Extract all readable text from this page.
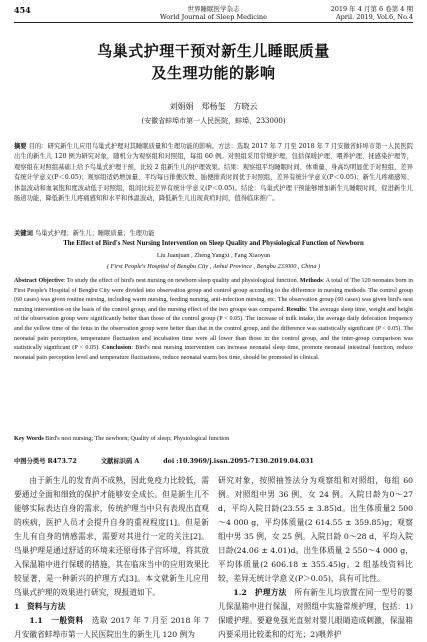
454	世界睡眠医学杂志
World Journal of Sleep Medicine
2019 年 4 月第 6 卷第 4 期
April. 2019, Vol.6, No.4
鸟巢式护理干预对新生儿睡眠质量
及生理功能的影响
刘娟娟　郑杨玺　方晓云
(安徽省蚌埠市第一人民医院，蚌埠，233000)
摘要 目的：研究新生儿应用鸟巢式护理对其睡眠质量和生理功能的影响。方法：选取 2017 年 7 月至 2018 年 7 月安徽省蚌埠市第一人民医院出生的新生儿 120 例为研究对象，随机分为观察组和对照组，每组 60 例。对照组采用常规护理，包括保暖护理、喂养护理、抚感染护理等，观察组在对照组基础上给予鸟巢式护理干预，比较 2 组新生儿的护理效果。结果：观察组平均睡眠时间、体重量、身高均明显优于对照组，差异有统计学意义(P＜0.05)；观察组适奶增加量、平均每日排便次数、胎便排黄时间优于对照组，差异有统计学意义(P＜0.05)；新生儿疼痛感知、体温波动和血氧饱和度波动低于对照组，组间比较差异有统计学意义(P＜0.05)。结论：鸟巢式护理干预能够增加新生儿睡眠时间，促进新生儿肠道功能，降低新生儿疼痛感知和水平和体温波动，降低新生儿出现黄疸时间，值得临床推广。
关键词 鸟巢式护理；新生儿；睡眠质量；生理功能
The Effect of Bird's Nest Nursing Intervention on Sleep Quality and Physiological Function of Newborn
Liu Juanjuan , Zheng Yangxi , Fang Xiaoyun
( First People's Hospital of Bengbu City , Anhui Province , Bengbu 233000 , China )
Abstract Objective: To study the effect of bird's nest nursing on newborn sleep quality and physiological function. Methods: A total of The 120 neonates born in First People's Hospital of Bengbu City were divided into observation group and control group according to the difference in nursing methods. The control group (60 cases) was given routine nursing, including warm nursing, feeding nursing, anti-infection nursing, etc. The observation group (60 cases) was given bird's nest nursing intervention on the basis of the control group, and the nursing effect of the two groups was compared. Results: The average sleep time, weight and height of the observation group were significantly better than those of the control group (P < 0.05). The increase of milk intake, the average daily defecation frequency and the yellow time of the fetus in the observation group were better than that in the control group, and the difference was statistically significant (P < 0.05). The neonatal pain perception, temperature fluctuation and incubation time were all lower than those in the control group, and the inter-group comparison was statistically significant (P < 0.05). Conclusion: Bird's nest nursing intervention can increase neonatal sleep time, promote neonatal intestinal function, reduce neonatal pain perception level and temperature fluctuations, reduce neonatal warm box time, should be promoted in clinical.
Key Words Bird's nest nursing; The newborn; Quality of sleep; Physiological function
中图分类号 R473.72	文献标识码 A	doi :10.3969/j.issn.2095-7130.2019.04.031

由于新生儿的发育尚不成熟，因此免疫力比较低，需要通过全面和细致的保护才能够安全成长。但是新生儿不能够实际表达自身的需求，传统护理当中只有表现出直观的疾病，医护人员才会提升自身的重视程度[1]。但是新生儿有自身的情感需求，需要对其进行一定的关注[2]。鸟巢护理是通过舒适的环境来还原母体子宫环境，将其放入保温箱中进行保暖的措施，其在临床当中的应用效果比较显著，是一种新兴的护理方式[3]。本文就新生儿应用鸟巢式护理的效果进行研究，现报道如下。

1　资料与方法

1.1　一般资料　 选取 2017 年 7 月至 2018 年 7 月安徽省蚌埠市第一人民医院出生的新生儿 120 例为

研究对象，按照抽签法分为观察组和对照组，每组 60 例。对照组中男 36 例，女 24 例。入院日龄为0～27 d，平均入院日龄(23.55 ± 3.85)d。出生体质量2 500～4 000 g，平均体质量(2 614.55 ± 359.85)g；观察组中男 35 例，女 25 例。入院日龄 0～28 d，平均入院日龄(24.06 ± 4.01)d。出生体质量 2 550～4 000 g，平均体质量(2 606.18 ± 355.45)g。2 组基线资料比较，差异无统计学意义(P＞0.05)，具有可比性。

1.2　护理方法　 所有新生儿均放置在同一型号的婴儿保温箱中进行保温，对照组中实施常规护理，包括：1)保暖护理。要避免强光直射对婴儿眼睛造成刺激，保温箱内要采用比较柔和的灯光；2)喂养护
